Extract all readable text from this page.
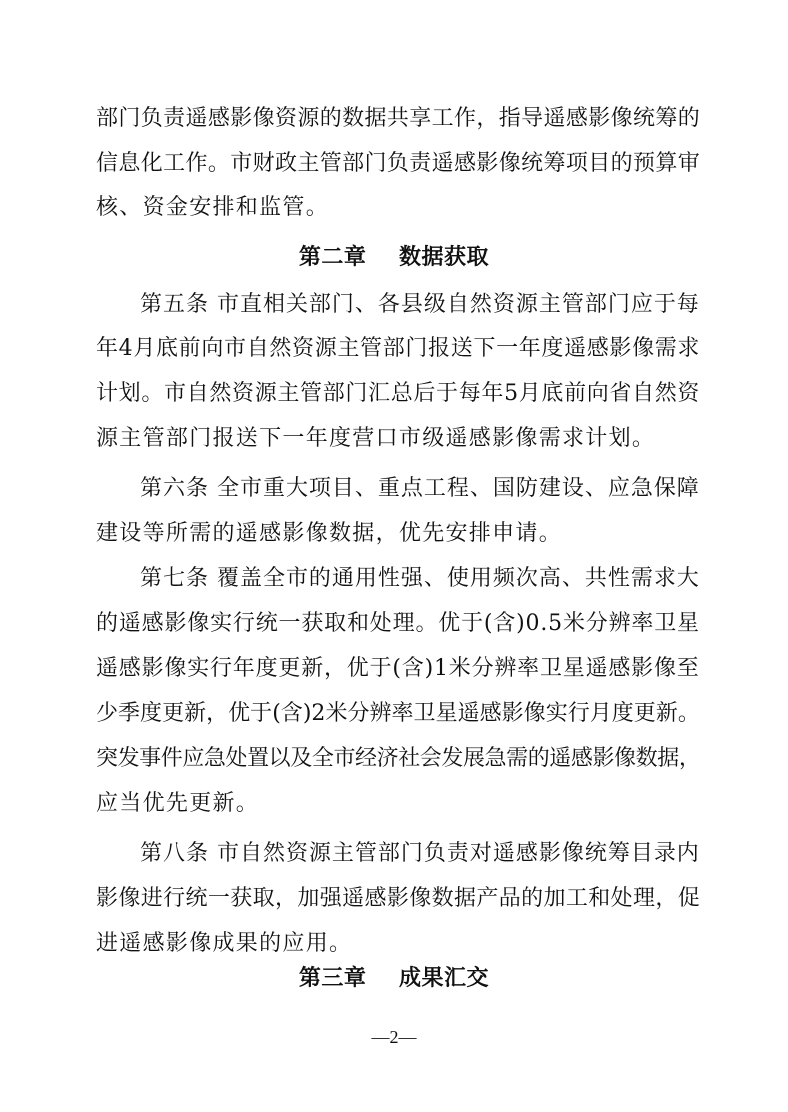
部门负责遥感影像资源的数据共享工作，指导遥感影像统筹的
信息化工作。市财政主管部门负责遥感影像统筹项目的预算审
核、资金安排和监管。
第二章    数据获取
第五条 市直相关部门、各县级自然资源主管部门应于每
年4月底前向市自然资源主管部门报送下一年度遥感影像需求
计划。市自然资源主管部门汇总后于每年5月底前向省自然资
源主管部门报送下一年度营口市级遥感影像需求计划。
第六条 全市重大项目、重点工程、国防建设、应急保障
建设等所需的遥感影像数据，优先安排申请。
第七条 覆盖全市的通用性强、使用频次高、共性需求大
的遥感影像实行统一获取和处理。优于(含)0.5米分辨率卫星
遥感影像实行年度更新，优于(含)1米分辨率卫星遥感影像至
少季度更新，优于(含)2米分辨率卫星遥感影像实行月度更新。
突发事件应急处置以及全市经济社会发展急需的遥感影像数据，
应当优先更新。
第八条 市自然资源主管部门负责对遥感影像统筹目录内
影像进行统一获取，加强遥感影像数据产品的加工和处理，促
进遥感影像成果的应用。
第三章    成果汇交
—2—
